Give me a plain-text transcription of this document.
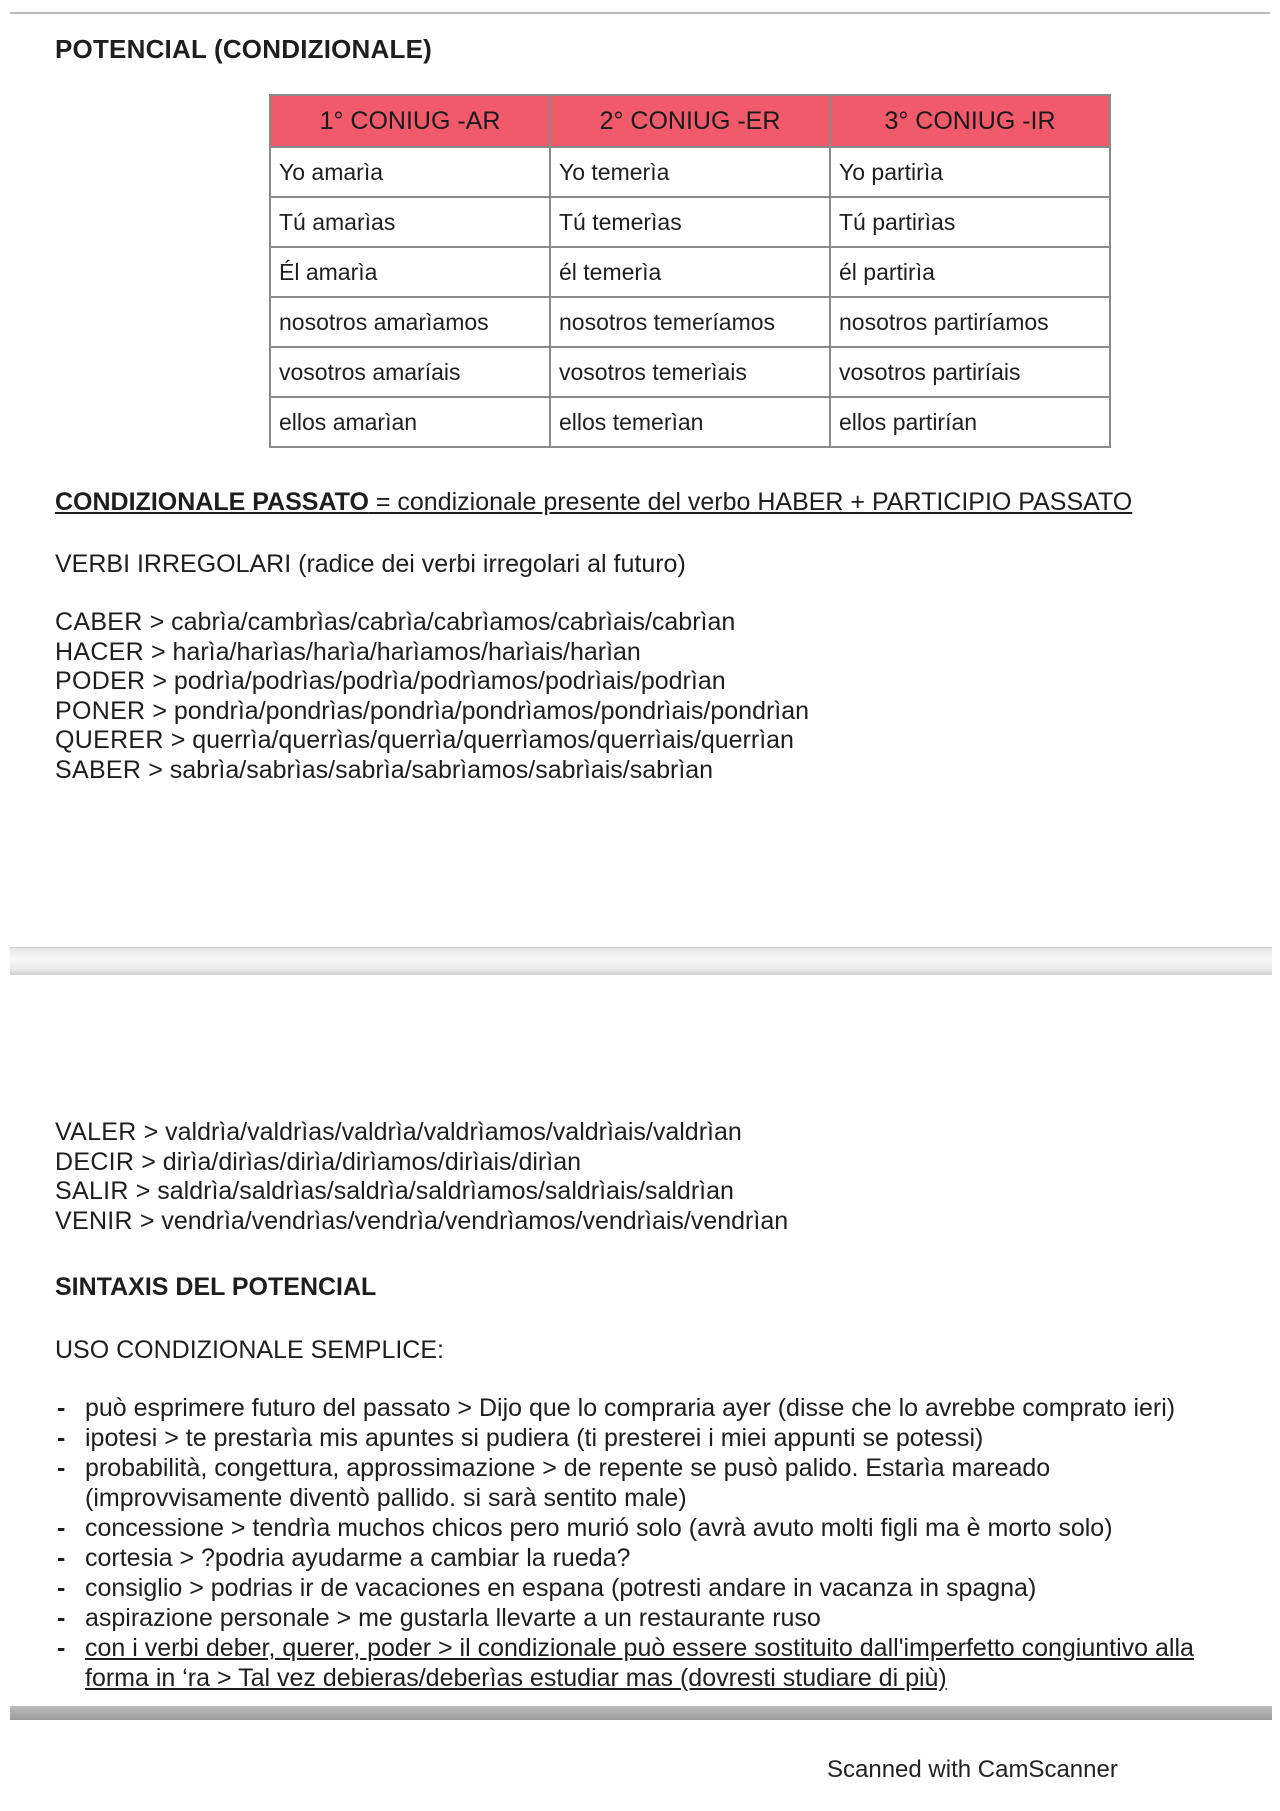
POTENCIAL (CONDIZIONALE)
1° CONIUG -AR	2° CONIUG -ER	3° CONIUG -IR
Yo amarìa	Yo temerìa	Yo partirìa
Tú amarìas	Tú temerìas	Tú partirìas
Él amarìa	él temerìa	él partirìa
nosotros amarìamos	nosotros temeríamos	nosotros partiríamos
vosotros amaríais	vosotros temerìais	vosotros partiríais
ellos amarìan	ellos temerìan	ellos partirían
CONDIZIONALE PASSATO = condizionale presente del verbo HABER + PARTICIPIO PASSATO
VERBI IRREGOLARI (radice dei verbi irregolari al futuro)
CABER > cabrìa/cambrìas/cabrìa/cabrìamos/cabrìais/cabrìan
HACER > harìa/harìas/harìa/harìamos/harìais/harìan
PODER > podrìa/podrìas/podrìa/podrìamos/podrìais/podrìan
PONER > pondrìa/pondrìas/pondrìa/pondrìamos/pondrìais/pondrìan
QUERER > querrìa/querrìas/querrìa/querrìamos/querrìais/querrìan
SABER > sabrìa/sabrìas/sabrìa/sabrìamos/sabrìais/sabrìan
VALER > valdrìa/valdrìas/valdrìa/valdrìamos/valdrìais/valdrìan
DECIR > dirìa/dirìas/dirìa/dirìamos/dirìais/dirìan
SALIR > saldrìa/saldrìas/saldrìa/saldrìamos/saldrìais/saldrìan
VENIR > vendrìa/vendrìas/vendrìa/vendrìamos/vendrìais/vendrìan
SINTAXIS DEL POTENCIAL
USO CONDIZIONALE SEMPLICE:
- può esprimere futuro del passato > Dijo que lo compraria ayer (disse che lo avrebbe comprato ieri)
- ipotesi > te prestarìa mis apuntes si pudiera (ti presterei i miei appunti se potessi)
- probabilità, congettura, approssimazione > de repente se pusò palido. Estarìa mareado (improvvisamente diventò pallido. si sarà sentito male)
- concessione > tendrìa muchos chicos pero murió solo (avrà avuto molti figli ma è morto solo)
- cortesia > ?podria ayudarme a cambiar la rueda?
- consiglio > podrias ir de vacaciones en espana (potresti andare in vacanza in spagna)
- aspirazione personale > me gustarla llevarte a un restaurante ruso
- con i verbi deber, querer, poder > il condizionale può essere sostituito dall'imperfetto congiuntivo alla forma in ‘ra > Tal vez debieras/deberìas estudiar mas (dovresti studiare di più)
Scanned with CamScanner
